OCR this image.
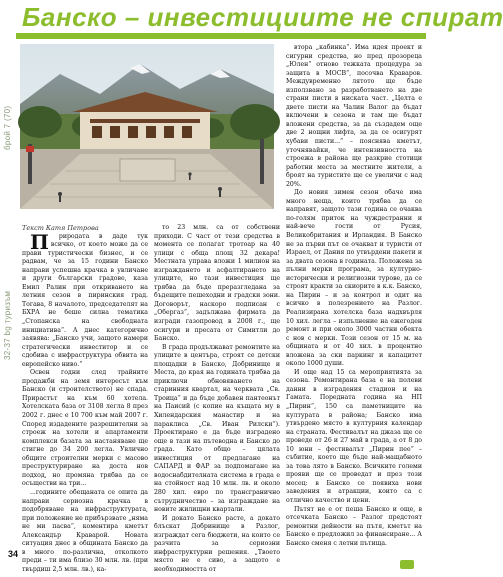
брой 7 (70)
32-37 bg туризъм
Банско – инвестициите не спират

Текст Катя Петрова

П риродата в даде тук всичко, от което може да се прави туристически бизнес, и се радвам, че за 15 години Банско направи успешна крачка в увличане и други български градове, каза Емил Ралин при откриването на летния сезон в пиринския град. Тогава, 8 началото, председателят на БХРА не беше силна тематика „Стопанска на свободната инициатива“. А днес категорично заявява: „Банско учи, защото намери стратегически инвеститор и се сдобива с инфраструктура обвита на европейско ниво.“

Освен годни след трайните продажби на земя интересът към Банско (и строителството) не спада. Прирастът на към 60 хотела. Хотелската база от 3108 легла 8 през 2002 г. днес е 10 700 към май 2007 г. Според издадените разрешителни за строеж на хотели и апартаменти комплекси базата за настаняване ще стигне до 34 200 легла. Увлично общите строителни мерки с масово преструктуриране на доста нов подход, но промяна трябва да се осъществи на три...

...годините обещаната се опита да направи сериозна крачка в подобряване на инфраструктурата, при положение не прибързвате „няма не ми пасва“, коментира кметът Александър Краварой. Новата ситуация днес в общината Банско да в много по-различна, отколкото преди – ти има близо 30 млн. лв. (при твърдиш 2,5 млн. лв.), ка-

то 23 млн. са от собствени приходи. С част от тези средства в момента се полагат тротоар на 40 улици с обща площ 32 декара! Местната управа вложи 1 милион на изграждането и асфалтирането на улиците, но тази инвестиция ще трябва да бъде преразгледана за бъдещите пешеходни и градски зони. Договорът, наскоро подписан с „Обергаз“, задължава фирмата да изгради газопровод в 2008 г., ще осигури и пресата от Симитли до Банско.

В града продължават ремонтите на улиците в центъра, строят се детски площадки в Банско, Добринище и Места, до края на годината трябва да приключи обновяването на старинния квартал, на черквата „Св. Троица“ и да бъде добавен пантеонът на Паисий (с копие на къщата му в Хилендарския манастир и на параклиса „Св. Иван Рилски“). Проектирано е да бъде изградено още в тази на пътеводна и Банско до града. Като общо – цялата инвестиция от предлагане на САПАРД и ФАР за подпомагане на водоснабдителната система в града е на стойност над 10 млн. лв. и около 280 хил. евро по трансгранично сътрудничество – за изграждане на новите жилищни квартали.

И докато Банско расте, а докато блъскат Добринище в Разлог, изграждат сега бюджети, на които се разчита за сериозни инфраструктурни решения. „Твоето място не е сиво, а защото е необходимостта от

втора „кабинка“. Има идея проект и сигурни средства, но пред прозореца „Юлен“ отново тежката процедура за защита в МОСВ“, посочва Краваров. Междувременно лятото ще бъде използвано за разработването на две страни писти в ниската част. „Целта е двете писти на Чалин Валог да бъдат включени в сезона и там ще бъдат вложени средства, за да създадем още две 2 нощни лифта, за да се осигурят хубави писти...“ – пояснява кметът, уточнявайки, че интензивността на строежа в района ще разкрие стотици работни места за местните жители, а броят на туристите ще се увеличи с над 20%.

До новия зимен сезон обаче има много неща, които трябва да се направят, защото тази година се очаква по-голям приток на чуждестранни и най-вече гости от Русия, Великобритания и Ирландия. В Банско не за първи път се очакват и туристи от Израел, от Дания по утвърдени пакети и за двата сезона в годината. Положена за пълни мерки програма, за културно-исторически и религиозни турове, да се строят кракти за скиорите в к.к. Банско, на Пирин – и за контрол и одит на всичко в полезрението на Разлог. Реализирана хотелска база надхвърля 10 хил. легла – изпълнение на ежегоден ремонт и при около 3000 частни обекта с нов с мерки. Този сезон от 15 м. на общината и от 40 хил. в процентно вложена за ски паркинг и капацитет около 1000 души.

И още над 15 са мероприятията за сезона. Ремонтирана база е на полеви данни в изградения стадион и на Гамата. Поредната година на НП „Пирин“, 150 са паметниците на културата в района; Банско има утвърдено място в културния календар на страната. Фестивалът на джаза ще се проведе от 26 и 27 май в града, а от 8 до 10 юни – фестивалът „Пирин пее“ – събитие, което ще бъде най-мащабното за това лято в Банско. Всичките големи прояви ще се проведат и през този месец: в Банско се появиха нови заведения и атракции, които са с отлично качество и цени.

Пътят не е от пеша Банско и още, в отсечката Банско – Разлог предстоят ремонтни дейности на пътя, кметът на Банско е предложил за финансиране... А Банско сменя с летни пътища.

34
